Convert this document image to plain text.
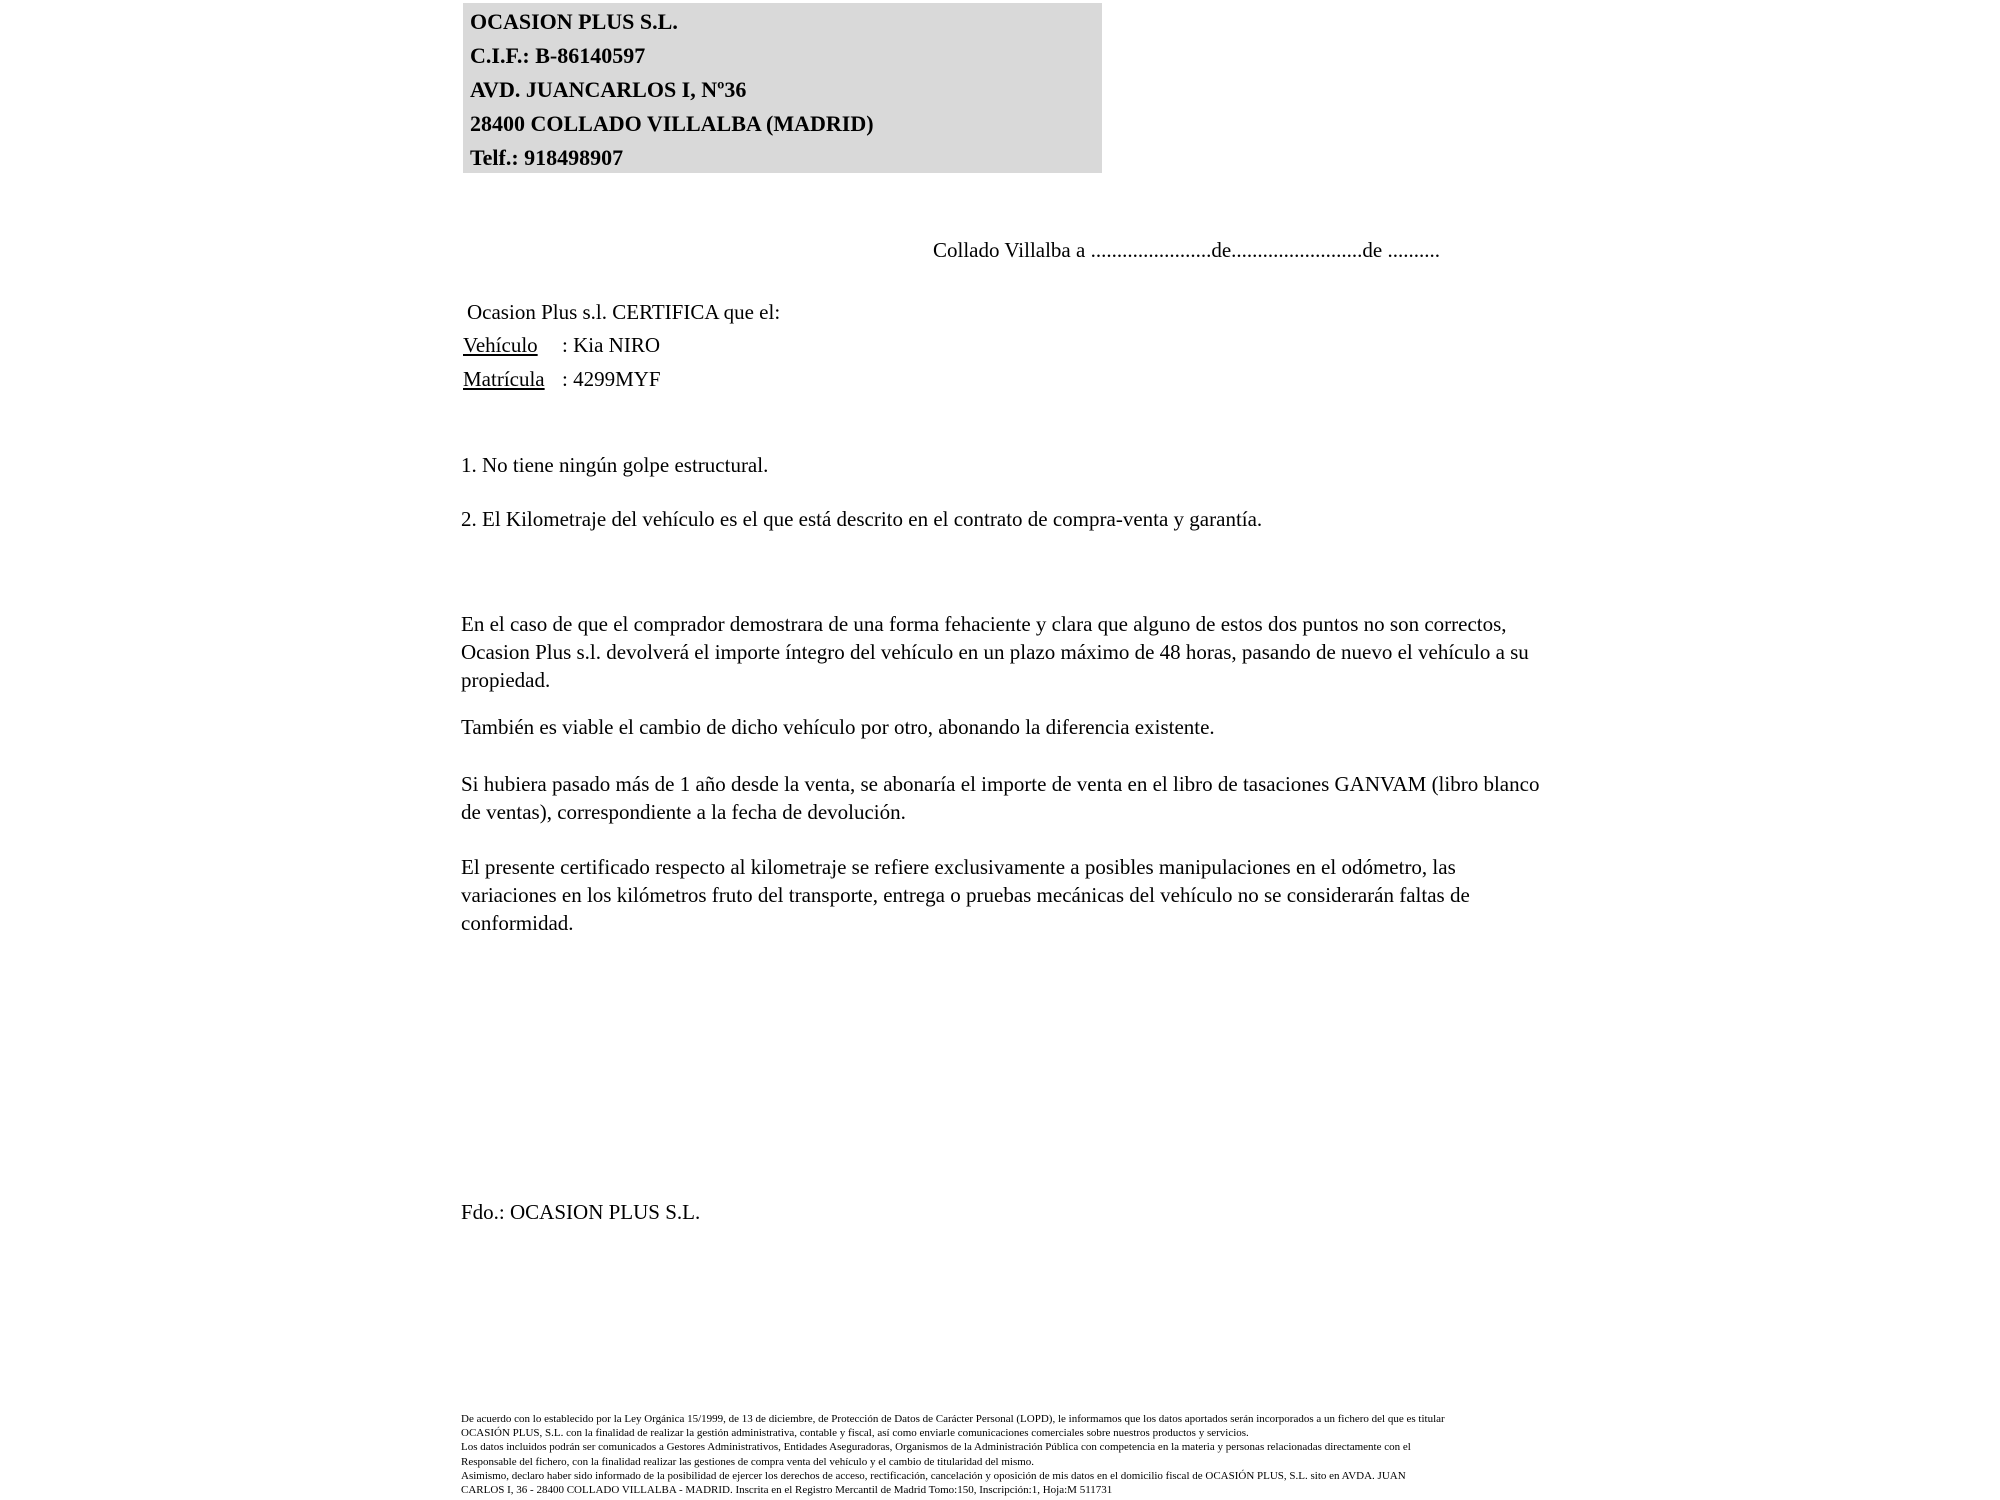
OCASION PLUS S.L.
C.I.F.: B-86140597
AVD. JUANCARLOS I, Nº36
28400 COLLADO VILLALBA (MADRID)
Telf.: 918498907
Collado Villalba a .......................de.........................de ..........
Ocasion Plus s.l. CERTIFICA que el:
Vehículo : Kia NIRO
Matrícula : 4299MYF
1. No tiene ningún golpe estructural.
2. El Kilometraje del vehículo es el que está descrito en el contrato de compra-venta y garantía.
En el caso de que el comprador demostrara de una forma fehaciente y clara que alguno de estos dos puntos no son correctos, Ocasion Plus s.l. devolverá el importe íntegro del vehículo en un plazo máximo de 48 horas, pasando de nuevo el vehículo a su propiedad.
También es viable el cambio de dicho vehículo por otro, abonando la diferencia existente.
Si hubiera pasado más de 1 año desde la venta, se abonaría el importe de venta en el libro de tasaciones GANVAM (libro blanco de ventas), correspondiente a la fecha de devolución.
El presente certificado respecto al kilometraje se refiere exclusivamente a posibles manipulaciones en el odómetro, las variaciones en los kilómetros fruto del transporte, entrega o pruebas mecánicas del vehículo no se considerarán faltas de conformidad.
Fdo.: OCASION PLUS S.L.
De acuerdo con lo establecido por la Ley Orgánica 15/1999, de 13 de diciembre, de Protección de Datos de Carácter Personal (LOPD), le informamos que los datos aportados serán incorporados a un fichero del que es titular
OCASIÓN PLUS, S.L. con la finalidad de realizar la gestión administrativa, contable y fiscal, así como enviarle comunicaciones comerciales sobre nuestros productos y servicios.
Los datos incluidos podrán ser comunicados a Gestores Administrativos, Entidades Aseguradoras, Organismos de la Administración Pública con competencia en la materia y personas relacionadas directamente con el
Responsable del fichero, con la finalidad realizar las gestiones de compra venta del vehículo y el cambio de titularidad del mismo.
Asimismo, declaro haber sido informado de la posibilidad de ejercer los derechos de acceso, rectificación, cancelación y oposición de mis datos en el domicilio fiscal de OCASIÓN PLUS, S.L. sito en AVDA. JUAN
CARLOS I, 36 - 28400 COLLADO VILLALBA - MADRID. Inscrita en el Registro Mercantil de Madrid Tomo:150, Inscripción:1, Hoja:M 511731
